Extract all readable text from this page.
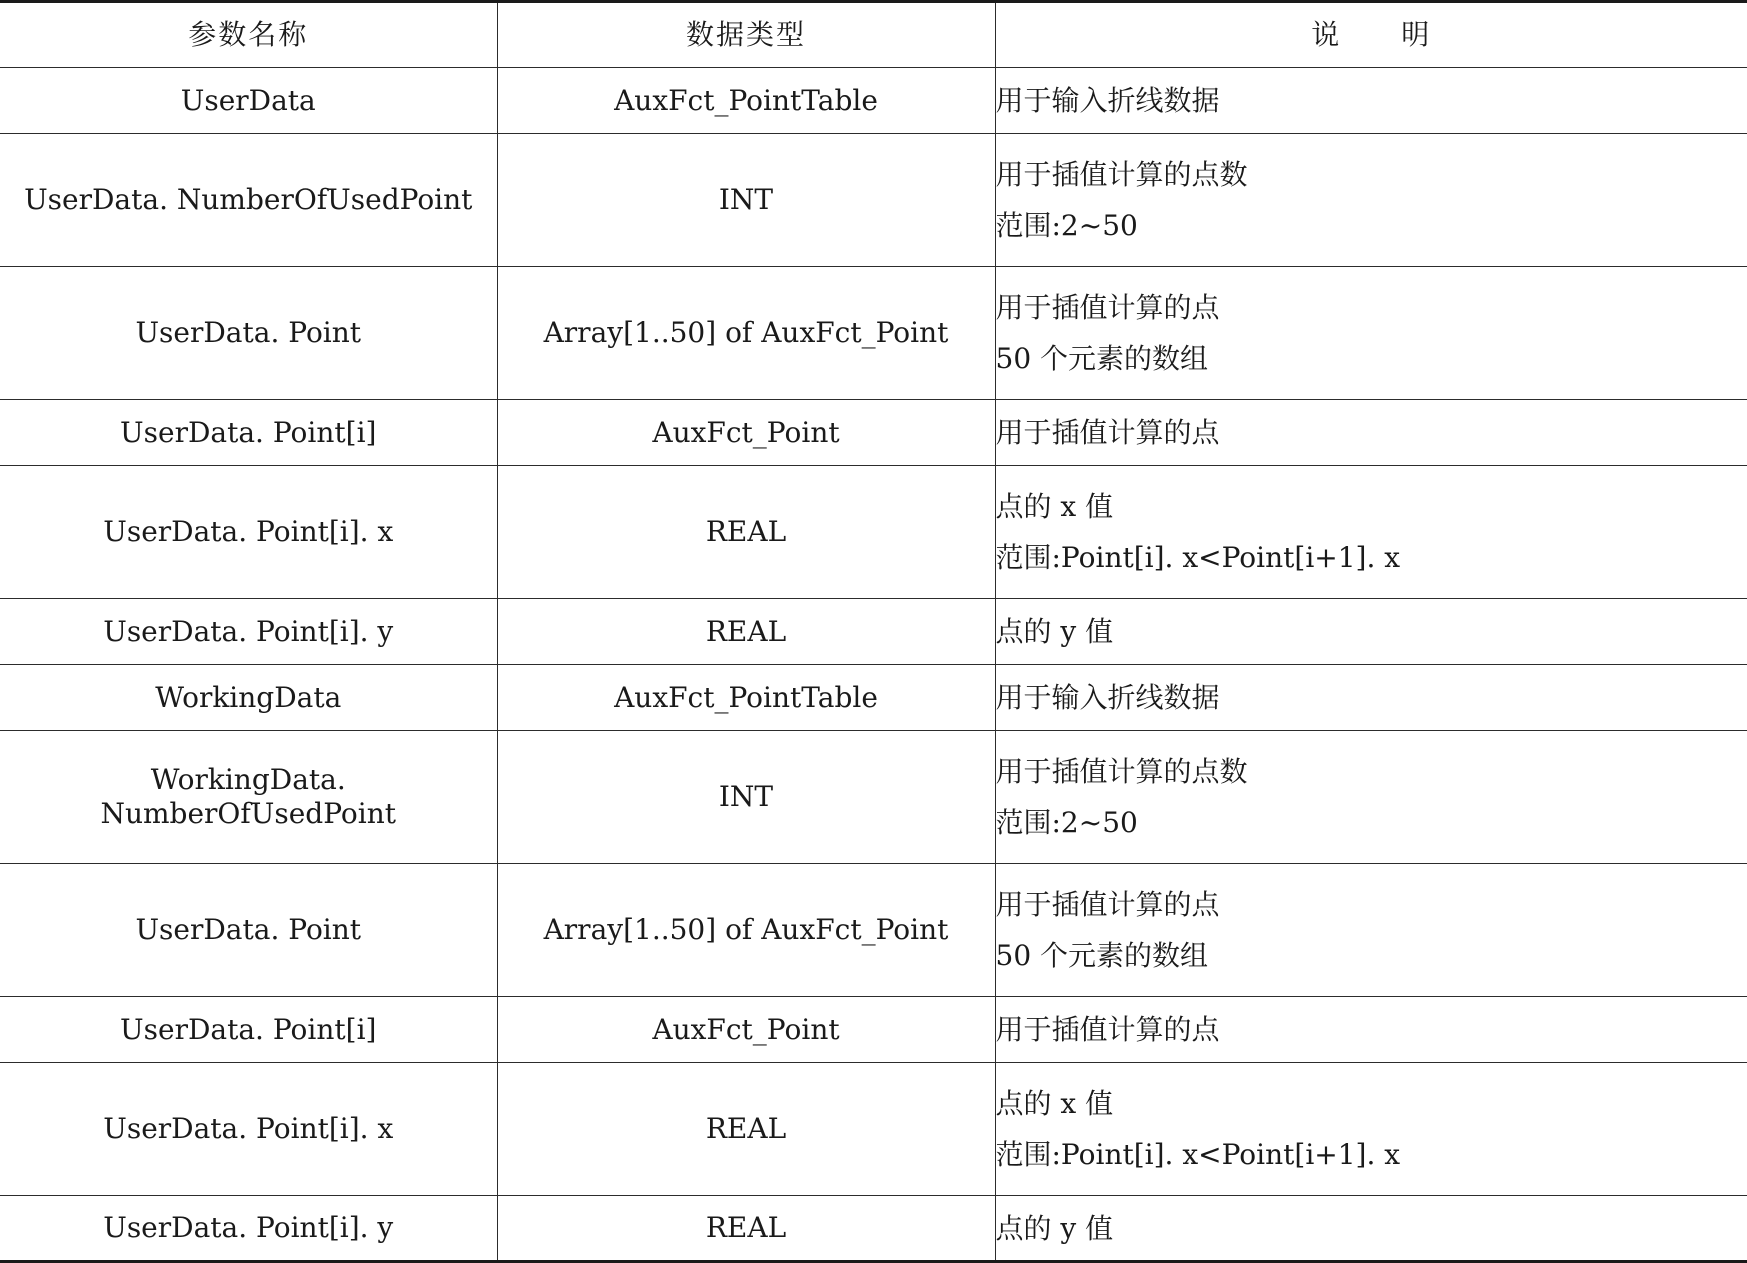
参数名称	数据类型	说　　明
UserData	AuxFct_PointTable	用于输入折线数据

UserData. NumberOfUsedPoint	INT	用于插值计算的点数
范围:2~50

UserData. Point	Array[1..50] of AuxFct_Point	用于插值计算的点
50 个元素的数组

UserData. Point[i]	AuxFct_Point	用于插值计算的点

UserData. Point[i]. x	REAL	点的 x 值
范围:Point[i]. x<Point[i+1]. x

UserData. Point[i]. y	REAL	点的 y 值

WorkingData	AuxFct_PointTable	用于输入折线数据

WorkingData. NumberOfUsedPoint	INT	用于插值计算的点数
范围:2~50

UserData. Point	Array[1..50] of AuxFct_Point	用于插值计算的点
50 个元素的数组

UserData. Point[i]	AuxFct_Point	用于插值计算的点

UserData. Point[i]. x	REAL	点的 x 值
范围:Point[i]. x<Point[i+1]. x

UserData. Point[i]. y	REAL	点的 y 值
